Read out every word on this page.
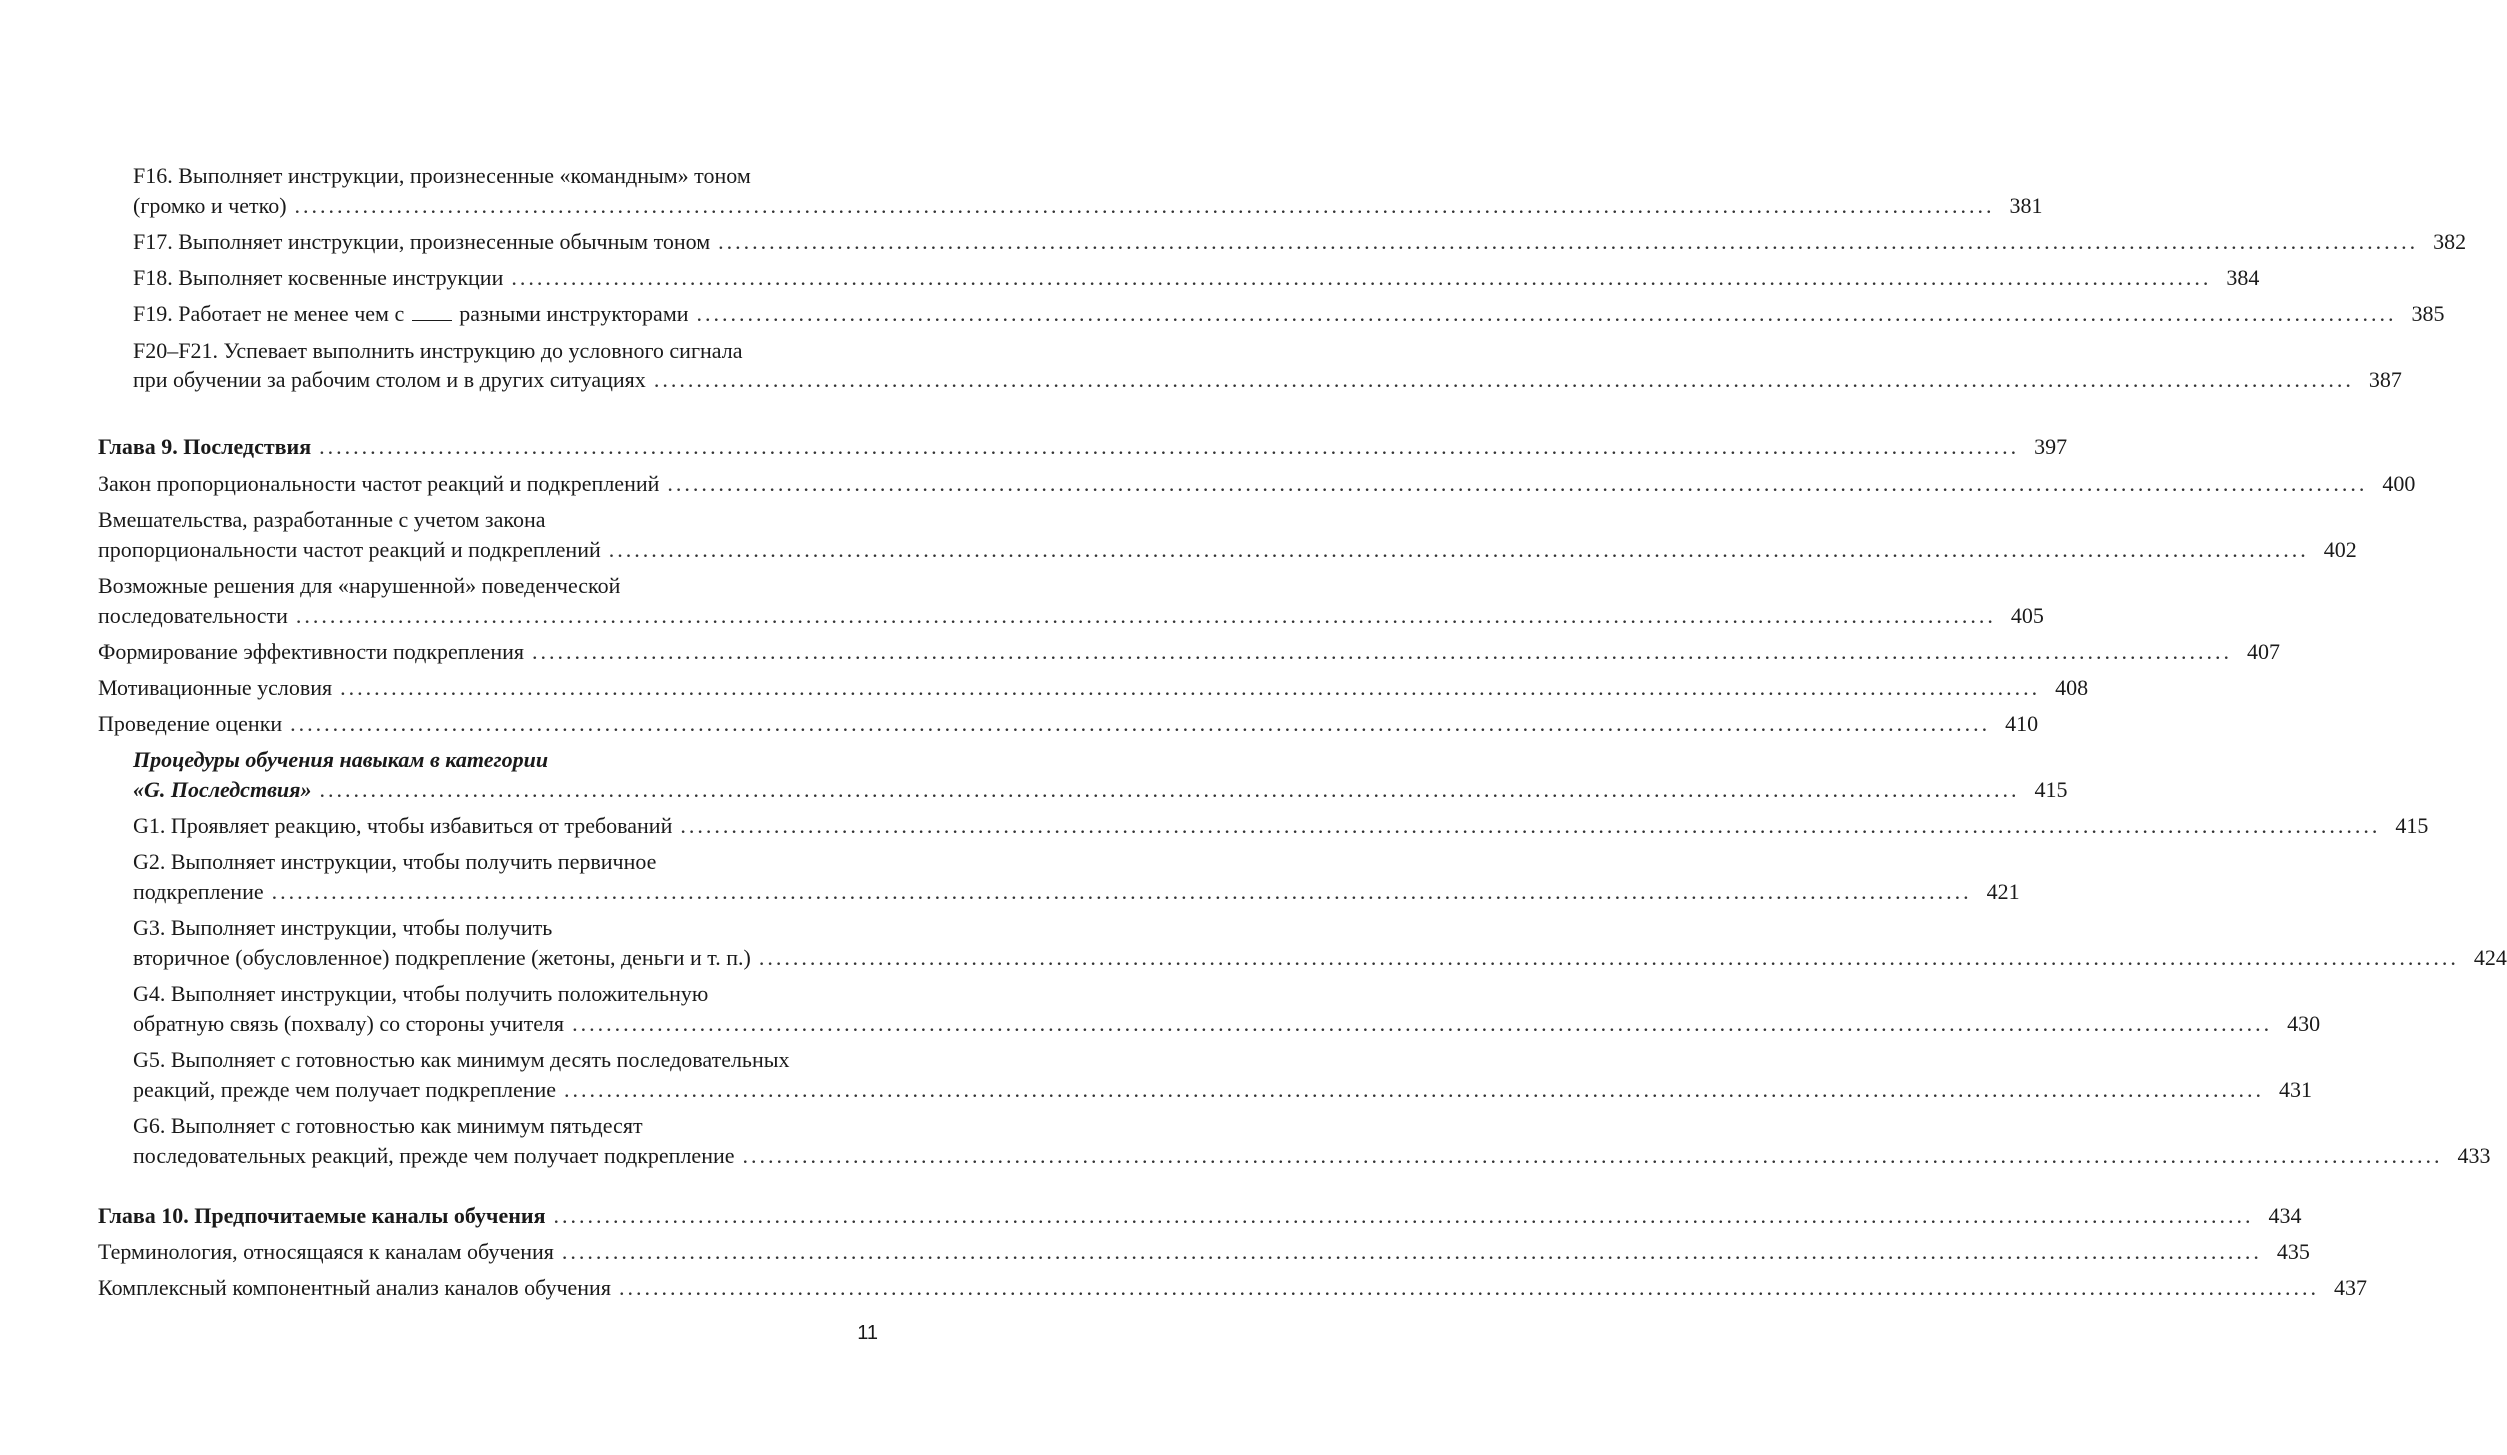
F16. Выполняет инструкции, произнесенные «командным» тоном
(громко и четко) ........................................................................................................................................................................................................ 381
F17. Выполняет инструкции, произнесенные обычным тоном ........................................................................................................................................................................................................ 382
F18. Выполняет косвенные инструкции ........................................................................................................................................................................................................ 384
F19. Работает не менее чем с	разными инструкторами ........................................................................................................................................................................................................ 385
F20–F21. Успевает выполнить инструкцию до условного сигнала
при обучении за рабочим столом и в других ситуациях ........................................................................................................................................................................................................ 387
Глава 9. Последствия ........................................................................................................................................................................................................ 397
Закон пропорциональности частот реакций и подкреплений ........................................................................................................................................................................................................ 400
Вмешательства, разработанные с учетом закона
пропорциональности частот реакций и подкреплений ........................................................................................................................................................................................................ 402
Возможные решения для «нарушенной» поведенческой
последовательности ........................................................................................................................................................................................................ 405
Формирование эффективности подкрепления ........................................................................................................................................................................................................ 407
Мотивационные условия ........................................................................................................................................................................................................ 408
Проведение оценки ........................................................................................................................................................................................................ 410
Процедуры обучения навыкам в категории
«G. Последствия» ........................................................................................................................................................................................................ 415
G1. Проявляет реакцию, чтобы избавиться от требований ........................................................................................................................................................................................................ 415
G2. Выполняет инструкции, чтобы получить первичное
подкрепление ........................................................................................................................................................................................................ 421
G3. Выполняет инструкции, чтобы получить
вторичное (обусловленное) подкрепление (жетоны, деньги и т. п.) ........................................................................................................................................................................................................ 424
G4. Выполняет инструкции, чтобы получить положительную
обратную связь (похвалу) со стороны учителя ........................................................................................................................................................................................................ 430
G5. Выполняет с готовностью как минимум десять последовательных
реакций, прежде чем получает подкрепление ........................................................................................................................................................................................................ 431
G6. Выполняет с готовностью как минимум пятьдесят
последовательных реакций, прежде чем получает подкрепление ........................................................................................................................................................................................................ 433
Глава 10. Предпочитаемые каналы обучения ........................................................................................................................................................................................................ 434
Терминология, относящаяся к каналам обучения ........................................................................................................................................................................................................ 435
Комплексный компонентный анализ каналов обучения ........................................................................................................................................................................................................ 437
11
